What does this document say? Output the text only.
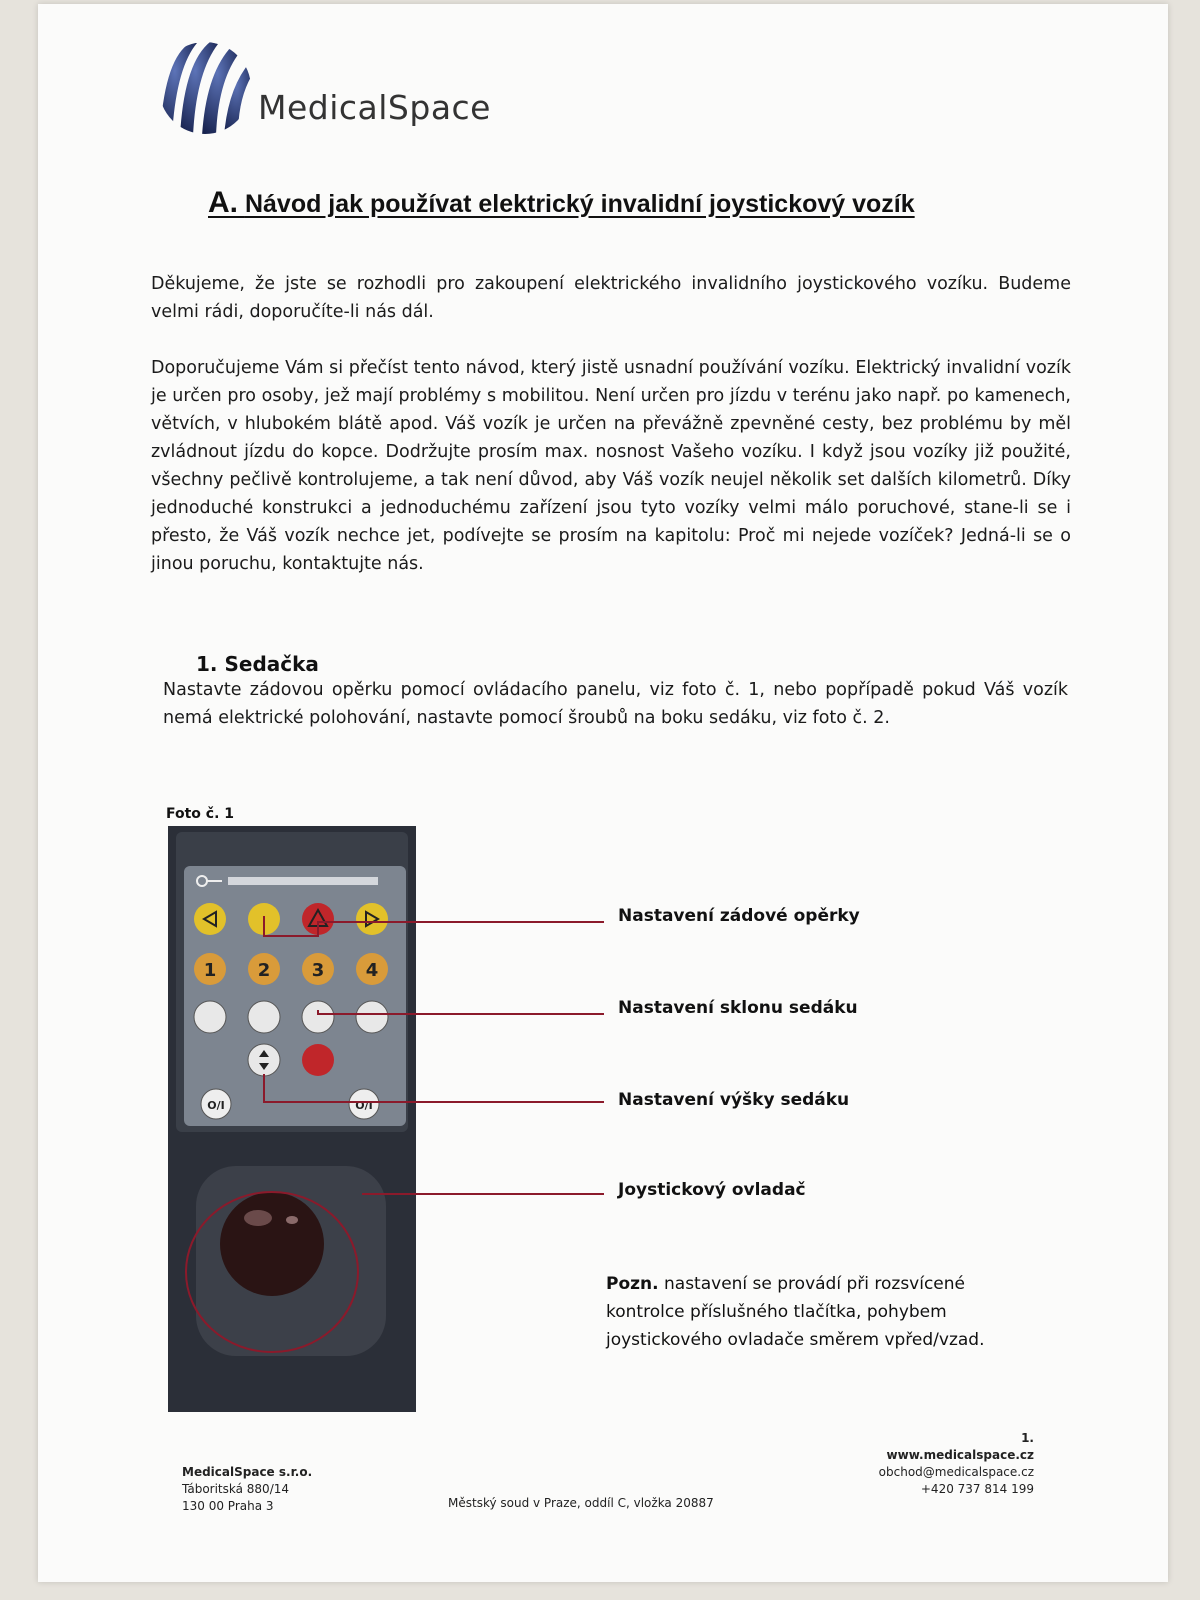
MedicalSpace
A. Návod jak používat elektrický invalidní joystickový vozík
Děkujeme, že jste se rozhodli pro zakoupení elektrického invalidního joystickového vozíku. Budeme velmi rádi, doporučíte-li nás dál.
Doporučujeme Vám si přečíst tento návod, který jistě usnadní používání vozíku. Elektrický invalidní vozík je určen pro osoby, jež mají problémy s mobilitou. Není určen pro jízdu v terénu jako např. po kamenech, větvích, v hlubokém blátě apod. Váš vozík je určen na převážně zpevněné cesty, bez problému by měl zvládnout jízdu do kopce. Dodržujte prosím max. nosnost Vašeho vozíku. I když jsou vozíky již použité, všechny pečlivě kontrolujeme, a tak není důvod, aby Váš vozík neujel několik set dalších kilometrů. Díky jednoduché konstrukci a jednoduchému zařízení jsou tyto vozíky velmi málo poruchové, stane-li se i přesto, že Váš vozík nechce jet, podívejte se prosím na kapitolu: Proč mi nejede vozíček? Jedná-li se o jinou poruchu, kontaktujte nás.
1. Sedačka
Nastavte zádovou opěrku pomocí ovládacího panelu, viz foto č. 1, nebo popřípadě pokud Váš vozík nemá elektrické polohování, nastavte pomocí šroubů na boku sedáku, viz foto č. 2.
Foto č. 1
1 2 3 4
O/I	O/I
Nastavení zádové opěrky
Nastavení sklonu sedáku
Nastavení výšky sedáku
Joystickový ovladač
Pozn. nastavení se provádí při rozsvícené kontrolce příslušného tlačítka, pohybem joystickového ovladače směrem vpřed/vzad.
MedicalSpace s.r.o.
Táboritská 880/14
130 00 Praha 3	Městský soud v Praze, oddíl C, vložka 20887
1.
www.medicalspace.cz
obchod@medicalspace.cz
+420 737 814 199
